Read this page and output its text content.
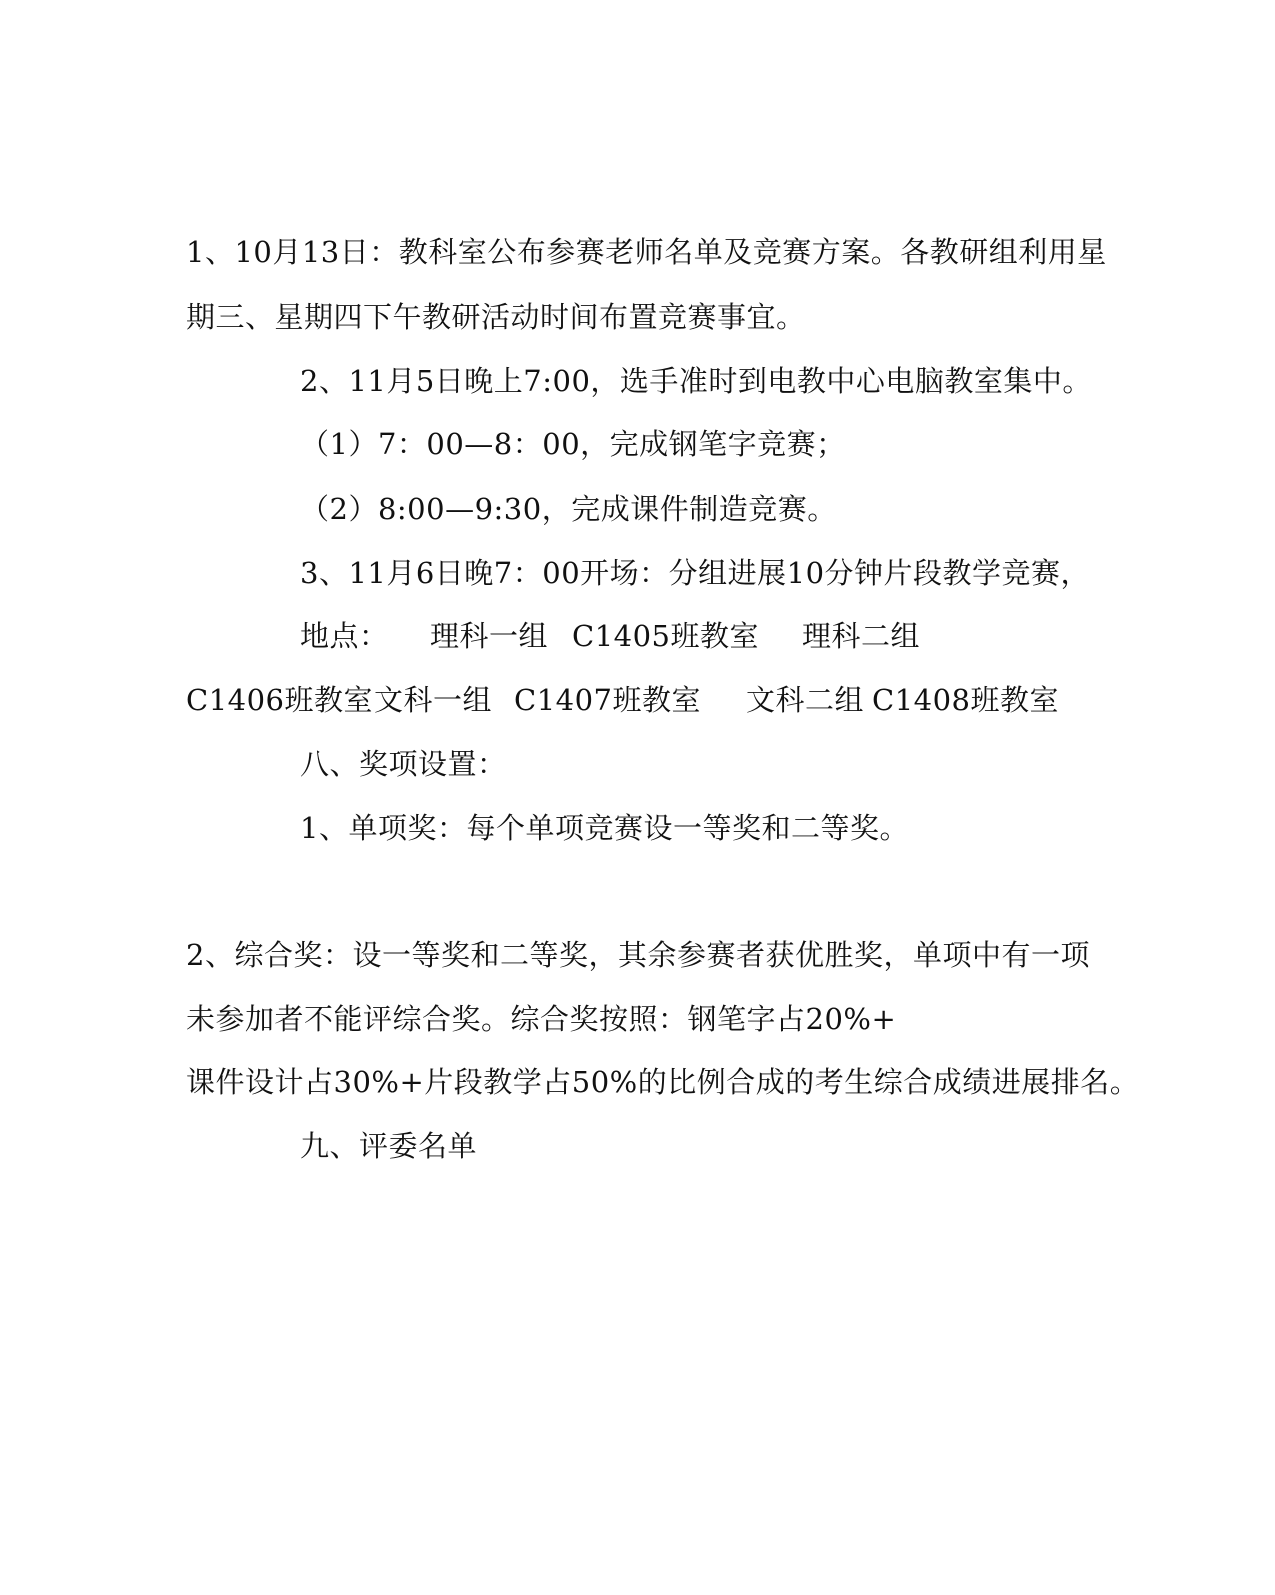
1、10月13日：教科室公布参赛老师名单及竞赛方案。各教研组利用星
期三、星期四下午教研活动时间布置竞赛事宜。
2、11月5日晚上7:00，选手准时到电教中心电脑教室集中。
（1）7：00—8：00，完成钢笔字竞赛；
（2）8:00—9:30，完成课件制造竞赛。
3、11月6日晚7：00开场：分组进展10分钟片段教学竞赛，
地点： 理科一组 C1405班教室 理科二组
C1406班教室 文科一组 C1407班教室 文科二组 C1408班教室
八、奖项设置：
1、单项奖：每个单项竞赛设一等奖和二等奖。
2、综合奖：设一等奖和二等奖，其余参赛者获优胜奖，单项中有一项
未参加者不能评综合奖。综合奖按照：钢笔字占20%+
课件设计占30%+片段教学占50%的比例合成的考生综合成绩进展排名。
九、评委名单
